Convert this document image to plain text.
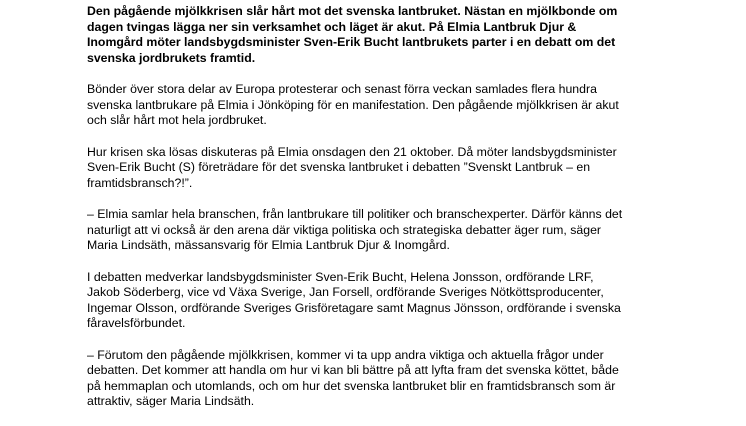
Den pågående mjölkkrisen slår hårt mot det svenska lantbruket. Nästan en mjölkbonde om
dagen tvingas lägga ner sin verksamhet och läget är akut. På Elmia Lantbruk Djur &
Inomgård möter landsbygdsminister Sven-Erik Bucht lantbrukets parter i en debatt om det
svenska jordbrukets framtid.
Bönder över stora delar av Europa protesterar och senast förra veckan samlades flera hundra
svenska lantbrukare på Elmia i Jönköping för en manifestation. Den pågående mjölkkrisen är akut
och slår hårt mot hela jordbruket.
Hur krisen ska lösas diskuteras på Elmia onsdagen den 21 oktober. Då möter landsbygdsminister
Sven-Erik Bucht (S) företrädare för det svenska lantbruket i debatten ”Svenskt Lantbruk – en
framtidsbransch?!”.
– Elmia samlar hela branschen, från lantbrukare till politiker och branschexperter. Därför känns det
naturligt att vi också är den arena där viktiga politiska och strategiska debatter äger rum, säger
Maria Lindsäth, mässansvarig för Elmia Lantbruk Djur & Inomgård.
I debatten medverkar landsbygdsminister Sven-Erik Bucht, Helena Jonsson, ordförande LRF,
Jakob Söderberg, vice vd Växa Sverige, Jan Forsell, ordförande Sveriges Nötköttsproducenter,
Ingemar Olsson, ordförande Sveriges Grisföretagare samt Magnus Jönsson, ordförande i svenska
fåravelsförbundet.
– Förutom den pågående mjölkkrisen, kommer vi ta upp andra viktiga och aktuella frågor under
debatten. Det kommer att handla om hur vi kan bli bättre på att lyfta fram det svenska köttet, både
på hemmaplan och utomlands, och om hur det svenska lantbruket blir en framtidsbransch som är
attraktiv, säger Maria Lindsäth.
